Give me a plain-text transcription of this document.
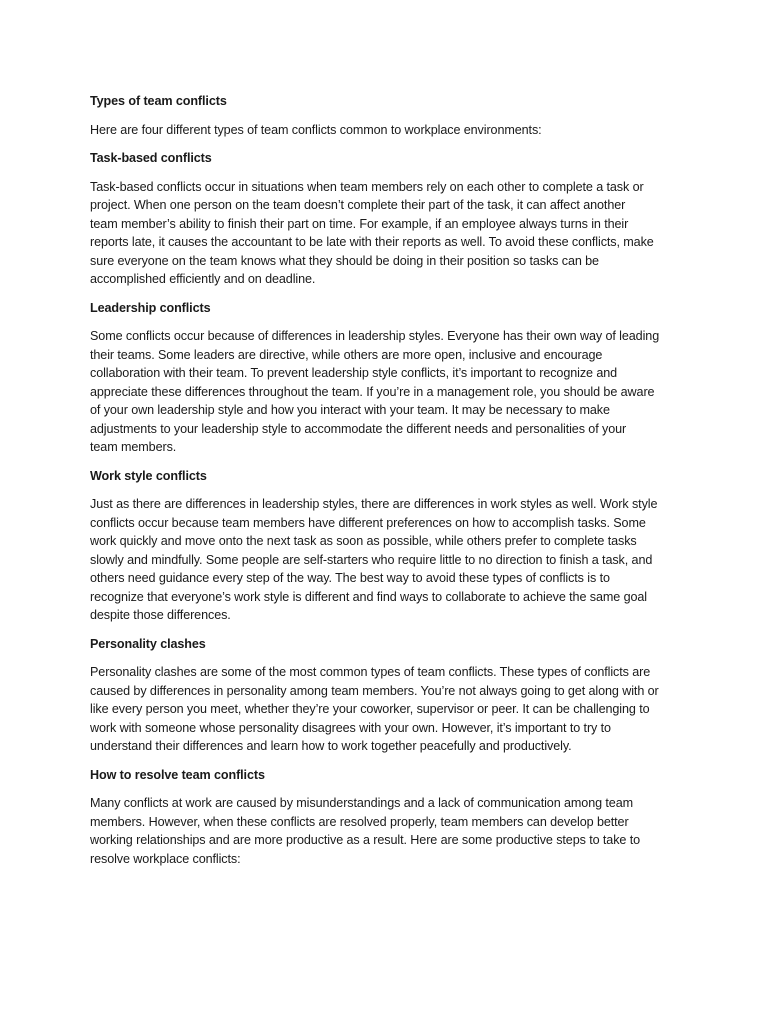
Types of team conflicts
Here are four different types of team conflicts common to workplace environments:
Task-based conflicts
Task-based conflicts occur in situations when team members rely on each other to complete a task or
project. When one person on the team doesn’t complete their part of the task, it can affect another
team member’s ability to finish their part on time. For example, if an employee always turns in their
reports late, it causes the accountant to be late with their reports as well. To avoid these conflicts, make
sure everyone on the team knows what they should be doing in their position so tasks can be
accomplished efficiently and on deadline.
Leadership conflicts
Some conflicts occur because of differences in leadership styles. Everyone has their own way of leading
their teams. Some leaders are directive, while others are more open, inclusive and encourage
collaboration with their team. To prevent leadership style conflicts, it’s important to recognize and
appreciate these differences throughout the team. If you’re in a management role, you should be aware
of your own leadership style and how you interact with your team. It may be necessary to make
adjustments to your leadership style to accommodate the different needs and personalities of your
team members.
Work style conflicts
Just as there are differences in leadership styles, there are differences in work styles as well. Work style
conflicts occur because team members have different preferences on how to accomplish tasks. Some
work quickly and move onto the next task as soon as possible, while others prefer to complete tasks
slowly and mindfully. Some people are self-starters who require little to no direction to finish a task, and
others need guidance every step of the way. The best way to avoid these types of conflicts is to
recognize that everyone’s work style is different and find ways to collaborate to achieve the same goal
despite those differences.
Personality clashes
Personality clashes are some of the most common types of team conflicts. These types of conflicts are
caused by differences in personality among team members. You’re not always going to get along with or
like every person you meet, whether they’re your coworker, supervisor or peer. It can be challenging to
work with someone whose personality disagrees with your own. However, it’s important to try to
understand their differences and learn how to work together peacefully and productively.
How to resolve team conflicts
Many conflicts at work are caused by misunderstandings and a lack of communication among team
members. However, when these conflicts are resolved properly, team members can develop better
working relationships and are more productive as a result. Here are some productive steps to take to
resolve workplace conflicts:
